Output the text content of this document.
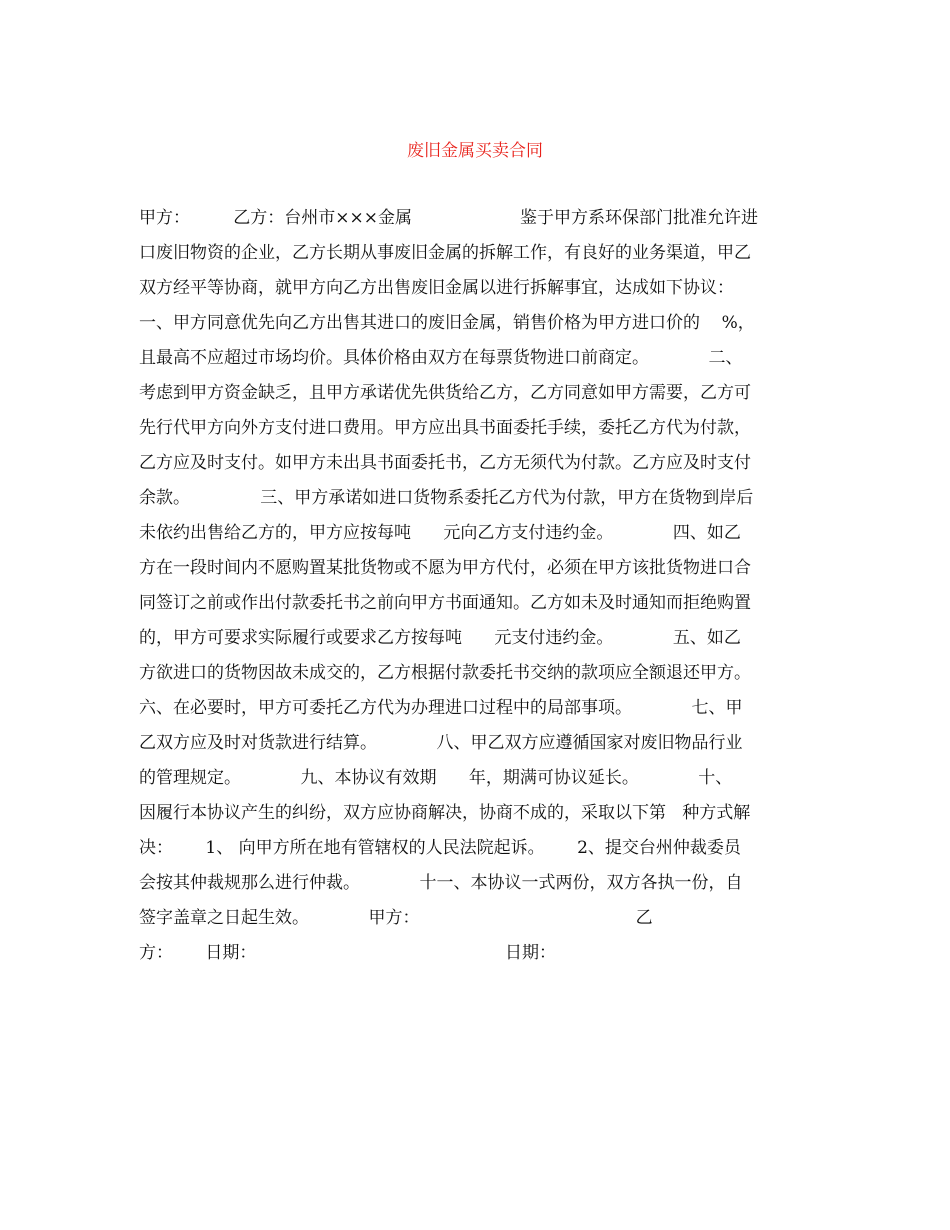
废旧金属买卖合同
甲方：        乙方：台州市×××金属                    鉴于甲方系环保部门批准允许进
口废旧物资的企业，乙方长期从事废旧金属的拆解工作，有良好的业务渠道，甲乙
双方经平等协商，就甲方向乙方出售废旧金属以进行拆解事宜，达成如下协议：
一、甲方同意优先向乙方出售其进口的废旧金属，销售价格为甲方进口价的    %，
且最高不应超过市场均价。具体价格由双方在每票货物进口前商定。           二、
考虑到甲方资金缺乏，且甲方承诺优先供货给乙方，乙方同意如甲方需要，乙方可
先行代甲方向外方支付进口费用。甲方应出具书面委托手续，委托乙方代为付款，
乙方应及时支付。如甲方未出具书面委托书，乙方无须代为付款。乙方应及时支付
余款。             三、甲方承诺如进口货物系委托乙方代为付款，甲方在货物到岸后
未依约出售给乙方的，甲方应按每吨      元向乙方支付违约金。           四、如乙
方在一段时间内不愿购置某批货物或不愿为甲方代付，必须在甲方该批货物进口合
同签订之前或作出付款委托书之前向甲方书面通知。乙方如未及时通知而拒绝购置
的，甲方可要求实际履行或要求乙方按每吨      元支付违约金。           五、如乙
方欲进口的货物因故未成交的，乙方根据付款委托书交纳的款项应全额退还甲方。
六、在必要时，甲方可委托乙方代为办理进口过程中的局部事项。           七、甲
乙双方应及时对货款进行结算。           八、甲乙双方应遵循国家对废旧物品行业
的管理规定。           九、本协议有效期      年，期满可协议延长。           十、
因履行本协议产生的纠纷，双方应协商解决，协商不成的，采取以下第   种方式解
决：      1、 向甲方所在地有管辖权的人民法院起诉。      2、提交台州仲裁委员
会按其仲裁规那么进行仲裁。           十一、本协议一式两份，双方各执一份，自
签字盖章之日起生效。           甲方：                                        乙
方：      日期：                                              日期：
